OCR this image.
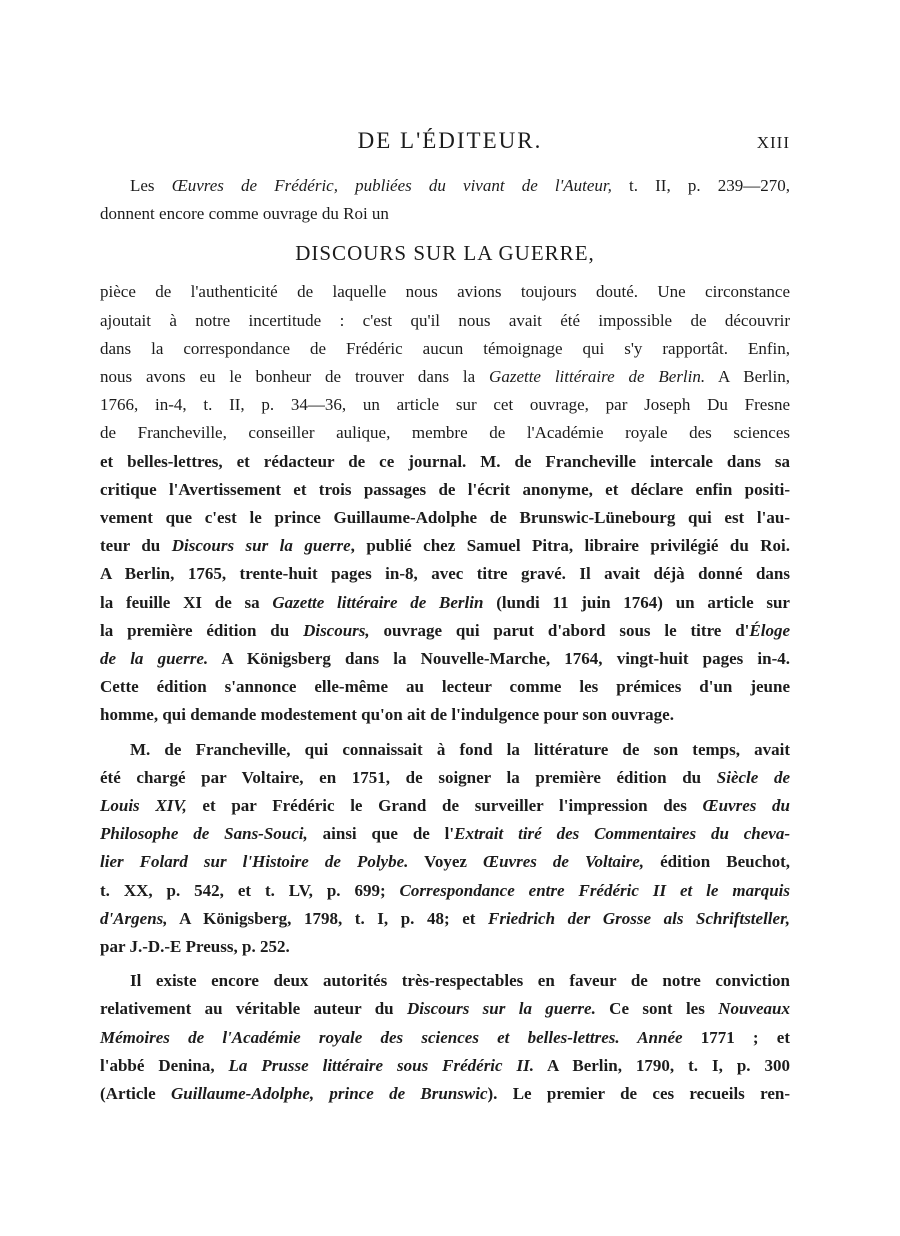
DE L'ÉDITEUR.	XIII
Les Œuvres de Frédéric, publiées du vivant de l'Auteur, t. II, p. 239—270,
donnent encore comme ouvrage du Roi un
DISCOURS SUR LA GUERRE,
pièce de l'authenticité de laquelle nous avions toujours douté. Une circonstance
ajoutait à notre incertitude : c'est qu'il nous avait été impossible de découvrir
dans la correspondance de Frédéric aucun témoignage qui s'y rapportât. Enfin,
nous avons eu le bonheur de trouver dans la Gazette littéraire de Berlin. A Berlin,
1766, in-4, t. II, p. 34—36, un article sur cet ouvrage, par Joseph Du Fresne
de Francheville, conseiller aulique, membre de l'Académie royale des sciences
et belles-lettres, et rédacteur de ce journal. M. de Francheville intercale dans sa
critique l'Avertissement et trois passages de l'écrit anonyme, et déclare enfin positi-
vement que c'est le prince Guillaume-Adolphe de Brunswic-Lünebourg qui est l'au-
teur du Discours sur la guerre, publié chez Samuel Pitra, libraire privilégié du Roi.
A Berlin, 1765, trente-huit pages in-8, avec titre gravé. Il avait déjà donné dans
la feuille XI de sa Gazette littéraire de Berlin (lundi 11 juin 1764) un article sur
la première édition du Discours, ouvrage qui parut d'abord sous le titre d'Éloge
de la guerre. A Königsberg dans la Nouvelle-Marche, 1764, vingt-huit pages in-4.
Cette édition s'annonce elle-même au lecteur comme les prémices d'un jeune
homme, qui demande modestement qu'on ait de l'indulgence pour son ouvrage.
M. de Francheville, qui connaissait à fond la littérature de son temps, avait
été chargé par Voltaire, en 1751, de soigner la première édition du Siècle de
Louis XIV, et par Frédéric le Grand de surveiller l'impression des Œuvres du
Philosophe de Sans-Souci, ainsi que de l'Extrait tiré des Commentaires du cheva-
lier Folard sur l'Histoire de Polybe. Voyez Œuvres de Voltaire, édition Beuchot,
t. XX, p. 542, et t. LV, p. 699; Correspondance entre Frédéric II et le marquis
d'Argens, A Königsberg, 1798, t. I, p. 48; et Friedrich der Grosse als Schriftsteller,
par J.-D.-E Preuss, p. 252.
Il existe encore deux autorités très-respectables en faveur de notre conviction
relativement au véritable auteur du Discours sur la guerre. Ce sont les Nouveaux
Mémoires de l'Académie royale des sciences et belles-lettres. Année 1771 ; et
l'abbé Denina, La Prusse littéraire sous Frédéric II. A Berlin, 1790, t. I, p. 300
(Article Guillaume-Adolphe, prince de Brunswic). Le premier de ces recueils ren-
